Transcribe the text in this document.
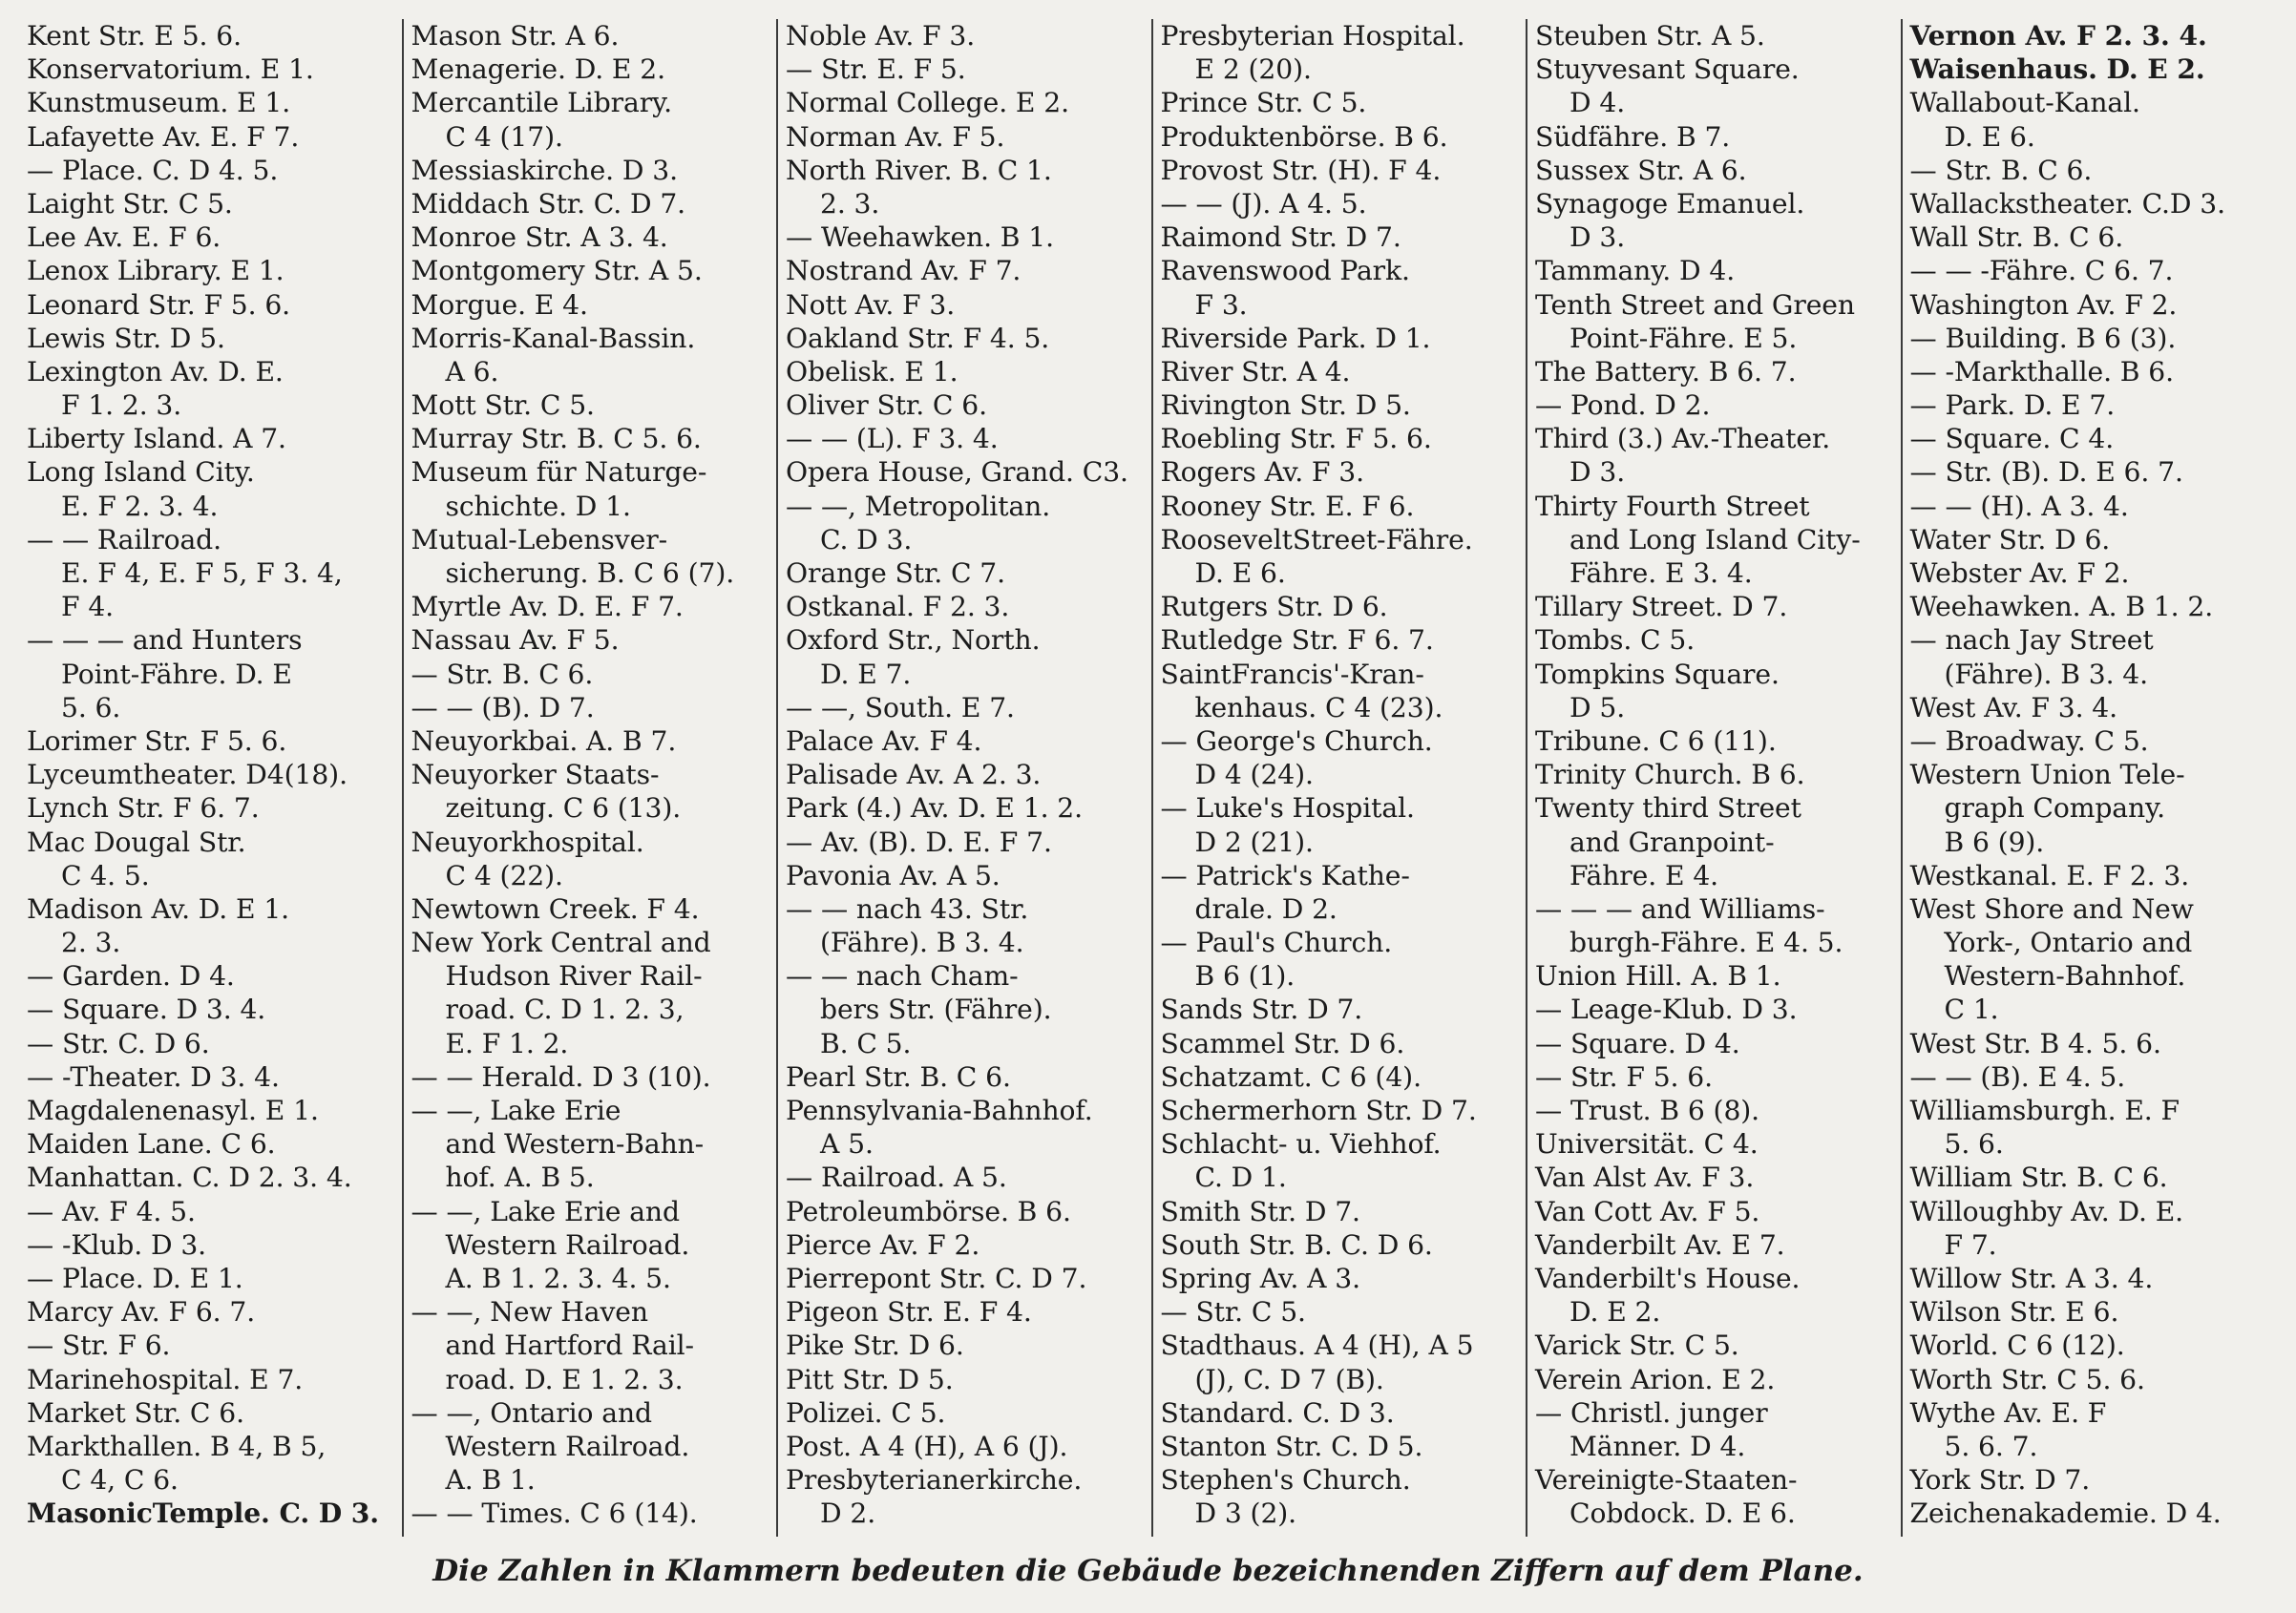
Kent Str. E 5. 6.
Konservatorium. E 1.
Kunstmuseum. E 1.
Lafayette Av. E. F 7.
— Place. C. D 4. 5.
Laight Str. C 5.
Lee Av. E. F 6.
Lenox Library. E 1.
Leonard Str. F 5. 6.
Lewis Str. D 5.
Lexington Av. D. E.
F 1. 2. 3.
Liberty Island. A 7.
Long Island City.
E. F 2. 3. 4.
— — Railroad.
E. F 4, E. F 5, F 3. 4,
F 4.
— — — and Hunters
Point-Fähre. D. E
5. 6.
Lorimer Str. F 5. 6.
Lyceumtheater. D4(18).
Lynch Str. F 6. 7.
Mac Dougal Str.
C 4. 5.
Madison Av. D. E 1.
2. 3.
— Garden. D 4.
— Square. D 3. 4.
— Str. C. D 6.
— -Theater. D 3. 4.
Magdalenenasyl. E 1.
Maiden Lane. C 6.
Manhattan. C. D 2. 3. 4.
— Av. F 4. 5.
— -Klub. D 3.
— Place. D. E 1.
Marcy Av. F 6. 7.
— Str. F 6.
Marinehospital. E 7.
Market Str. C 6.
Markthallen. B 4, B 5,
C 4, C 6.
MasonicTemple. C. D 3.
Mason Str. A 6.
Menagerie. D. E 2.
Mercantile Library.
C 4 (17).
Messiaskirche. D 3.
Middach Str. C. D 7.
Monroe Str. A 3. 4.
Montgomery Str. A 5.
Morgue. E 4.
Morris-Kanal-Bassin.
A 6.
Mott Str. C 5.
Murray Str. B. C 5. 6.
Museum für Naturge-
schichte. D 1.
Mutual-Lebensver-
sicherung. B. C 6 (7).
Myrtle Av. D. E. F 7.
Nassau Av. F 5.
— Str. B. C 6.
— — (B). D 7.
Neuyorkbai. A. B 7.
Neuyorker Staats-
zeitung. C 6 (13).
Neuyorkhospital.
C 4 (22).
Newtown Creek. F 4.
New York Central and
Hudson River Rail-
road. C. D 1. 2. 3,
E. F 1. 2.
— — Herald. D 3 (10).
— —, Lake Erie
and Western-Bahn-
hof. A. B 5.
— —, Lake Erie and
Western Railroad.
A. B 1. 2. 3. 4. 5.
— —, New Haven
and Hartford Rail-
road. D. E 1. 2. 3.
— —, Ontario and
Western Railroad.
A. B 1.
— — Times. C 6 (14).
Noble Av. F 3.
— Str. E. F 5.
Normal College. E 2.
Norman Av. F 5.
North River. B. C 1.
2. 3.
— Weehawken. B 1.
Nostrand Av. F 7.
Nott Av. F 3.
Oakland Str. F 4. 5.
Obelisk. E 1.
Oliver Str. C 6.
— — (L). F 3. 4.
Opera House, Grand. C3.
— —, Metropolitan.
C. D 3.
Orange Str. C 7.
Ostkanal. F 2. 3.
Oxford Str., North.
D. E 7.
— —, South. E 7.
Palace Av. F 4.
Palisade Av. A 2. 3.
Park (4.) Av. D. E 1. 2.
— Av. (B). D. E. F 7.
Pavonia Av. A 5.
— — nach 43. Str.
(Fähre). B 3. 4.
— — nach Cham-
bers Str. (Fähre).
B. C 5.
Pearl Str. B. C 6.
Pennsylvania-Bahnhof.
A 5.
— Railroad. A 5.
Petroleumbörse. B 6.
Pierce Av. F 2.
Pierrepont Str. C. D 7.
Pigeon Str. E. F 4.
Pike Str. D 6.
Pitt Str. D 5.
Polizei. C 5.
Post. A 4 (H), A 6 (J).
Presbyterianerkirche.
D 2.
Presbyterian Hospital.
E 2 (20).
Prince Str. C 5.
Produktenbörse. B 6.
Provost Str. (H). F 4.
— — (J). A 4. 5.
Raimond Str. D 7.
Ravenswood Park.
F 3.
Riverside Park. D 1.
River Str. A 4.
Rivington Str. D 5.
Roebling Str. F 5. 6.
Rogers Av. F 3.
Rooney Str. E. F 6.
RooseveltStreet-Fähre.
D. E 6.
Rutgers Str. D 6.
Rutledge Str. F 6. 7.
SaintFrancis'-Kran-
kenhaus. C 4 (23).
— George's Church.
D 4 (24).
— Luke's Hospital.
D 2 (21).
— Patrick's Kathe-
drale. D 2.
— Paul's Church.
B 6 (1).
Sands Str. D 7.
Scammel Str. D 6.
Schatzamt. C 6 (4).
Schermerhorn Str. D 7.
Schlacht- u. Viehhof.
C. D 1.
Smith Str. D 7.
South Str. B. C. D 6.
Spring Av. A 3.
— Str. C 5.
Stadthaus. A 4 (H), A 5
(J), C. D 7 (B).
Standard. C. D 3.
Stanton Str. C. D 5.
Stephen's Church.
D 3 (2).
Steuben Str. A 5.
Stuyvesant Square.
D 4.
Südfähre. B 7.
Sussex Str. A 6.
Synagoge Emanuel.
D 3.
Tammany. D 4.
Tenth Street and Green
Point-Fähre. E 5.
The Battery. B 6. 7.
— Pond. D 2.
Third (3.) Av.-Theater.
D 3.
Thirty Fourth Street
and Long Island City-
Fähre. E 3. 4.
Tillary Street. D 7.
Tombs. C 5.
Tompkins Square.
D 5.
Tribune. C 6 (11).
Trinity Church. B 6.
Twenty third Street
and Granpoint-
Fähre. E 4.
— — — and Williams-
burgh-Fähre. E 4. 5.
Union Hill. A. B 1.
— Leage-Klub. D 3.
— Square. D 4.
— Str. F 5. 6.
— Trust. B 6 (8).
Universität. C 4.
Van Alst Av. F 3.
Van Cott Av. F 5.
Vanderbilt Av. E 7.
Vanderbilt's House.
D. E 2.
Varick Str. C 5.
Verein Arion. E 2.
— Christl. junger
Männer. D 4.
Vereinigte-Staaten-
Cobdock. D. E 6.
Vernon Av. F 2. 3. 4.
Waisenhaus. D. E 2.
Wallabout-Kanal.
D. E 6.
— Str. B. C 6.
Wallackstheater. C.D 3.
Wall Str. B. C 6.
— — -Fähre. C 6. 7.
Washington Av. F 2.
— Building. B 6 (3).
— -Markthalle. B 6.
— Park. D. E 7.
— Square. C 4.
— Str. (B). D. E 6. 7.
— — (H). A 3. 4.
Water Str. D 6.
Webster Av. F 2.
Weehawken. A. B 1. 2.
— nach Jay Street
(Fähre). B 3. 4.
West Av. F 3. 4.
— Broadway. C 5.
Western Union Tele-
graph Company.
B 6 (9).
Westkanal. E. F 2. 3.
West Shore and New
York-, Ontario and
Western-Bahnhof.
C 1.
West Str. B 4. 5. 6.
— — (B). E 4. 5.
Williamsburgh. E. F
5. 6.
William Str. B. C 6.
Willoughby Av. D. E.
F 7.
Willow Str. A 3. 4.
Wilson Str. E 6.
World. C 6 (12).
Worth Str. C 5. 6.
Wythe Av. E. F
5. 6. 7.
York Str. D 7.
Zeichenakademie. D 4.
Die Zahlen in Klammern bedeuten die Gebäude bezeichnenden Ziffern auf dem Plane.
